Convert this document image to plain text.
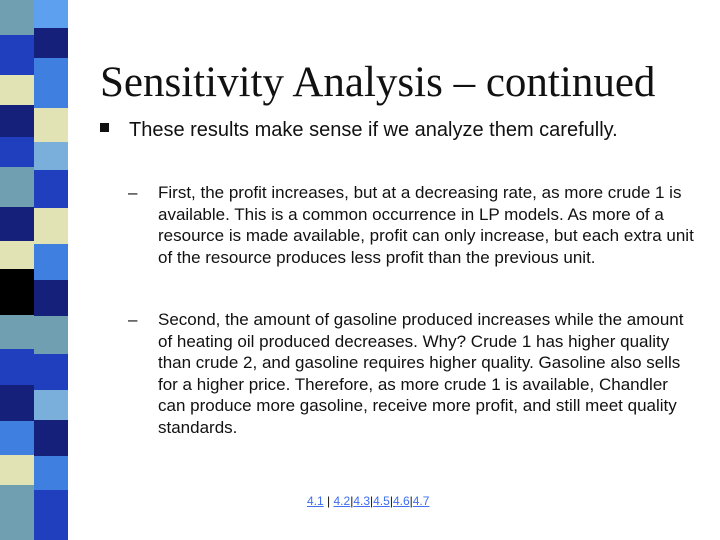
Sensitivity Analysis – continued
These results make sense if we analyze them carefully.
– First, the profit increases, but at a decreasing rate, as more crude 1 is available. This is a common occurrence in LP models. As more of a resource is made available, profit can only increase, but each extra unit of the resource produces less profit than the previous unit.
– Second, the amount of gasoline produced increases while the amount of heating oil produced decreases. Why? Crude 1 has higher quality than crude 2, and gasoline requires higher quality. Gasoline also sells for a higher price. Therefore, as more crude 1 is available, Chandler can produce more gasoline, receive more profit, and still meet quality standards.
4.1 | 4.2|4.3|4.5|4.6|4.7
